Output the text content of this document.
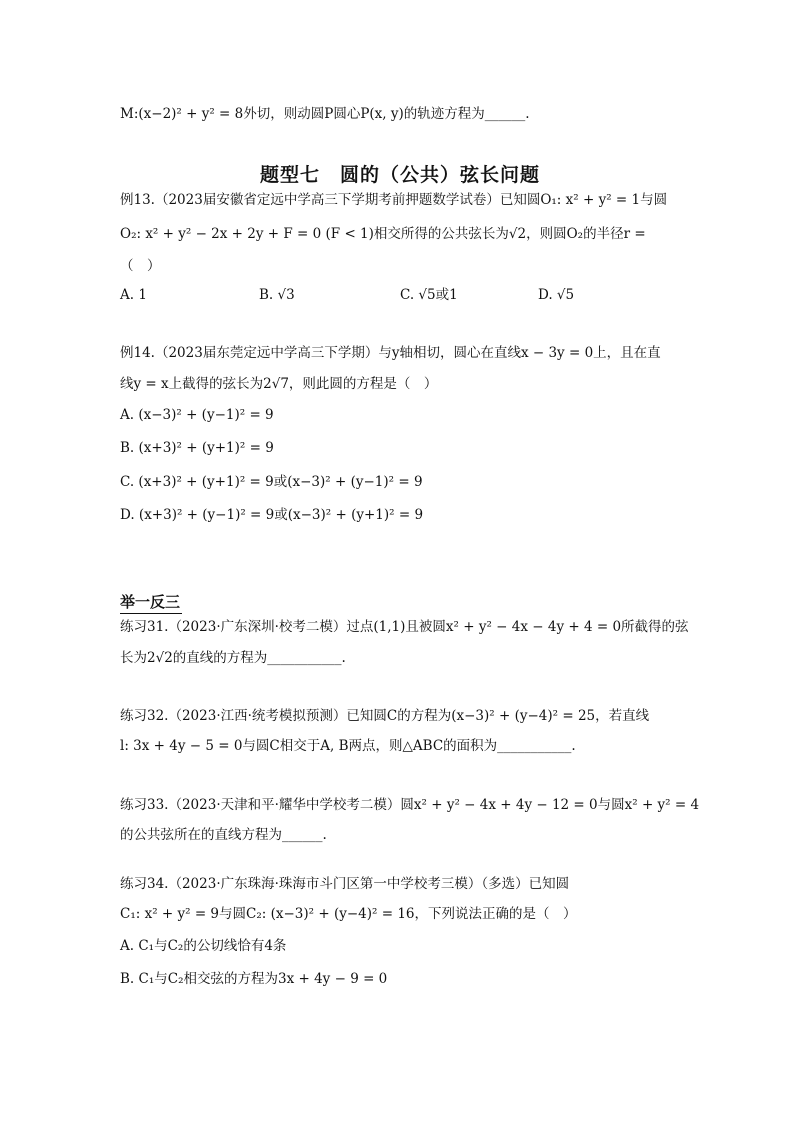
M:(x−2)² + y² = 8外切，则动圆P圆心P(x, y)的轨迹方程为______.
题型七　圆的（公共）弦长问题
例13.（2023届安徽省定远中学高三下学期考前押题数学试卷）已知圆O₁: x² + y² = 1与圆
O₂: x² + y² − 2x + 2y + F = 0 (F < 1)相交所得的公共弦长为√2，则圆O₂的半径r =
（　）
A. 1	B. √3	C. √5或1	D. √5
例14.（2023届东莞定远中学高三下学期）与y轴相切，圆心在直线x − 3y = 0上，且在直
线y = x上截得的弦长为2√7，则此圆的方程是（　）
A. (x−3)² + (y−1)² = 9
B. (x+3)² + (y+1)² = 9
C. (x+3)² + (y+1)² = 9或(x−3)² + (y−1)² = 9
D. (x+3)² + (y−1)² = 9或(x−3)² + (y+1)² = 9
举一反三
练习31.（2023·广东深圳·校考二模）过点(1,1)且被圆x² + y² − 4x − 4y + 4 = 0所截得的弦
长为2√2的直线的方程为___________.
练习32.（2023·江西·统考模拟预测）已知圆C的方程为(x−3)² + (y−4)² = 25，若直线
l: 3x + 4y − 5 = 0与圆C相交于A, B两点，则△ABC的面积为___________.
练习33.（2023·天津和平·耀华中学校考二模）圆x² + y² − 4x + 4y − 12 = 0与圆x² + y² = 4
的公共弦所在的直线方程为______.
练习34.（2023·广东珠海·珠海市斗门区第一中学校考三模）（多选）已知圆
C₁: x² + y² = 9与圆C₂: (x−3)² + (y−4)² = 16，下列说法正确的是（　）
A. C₁与C₂的公切线恰有4条
B. C₁与C₂相交弦的方程为3x + 4y − 9 = 0
